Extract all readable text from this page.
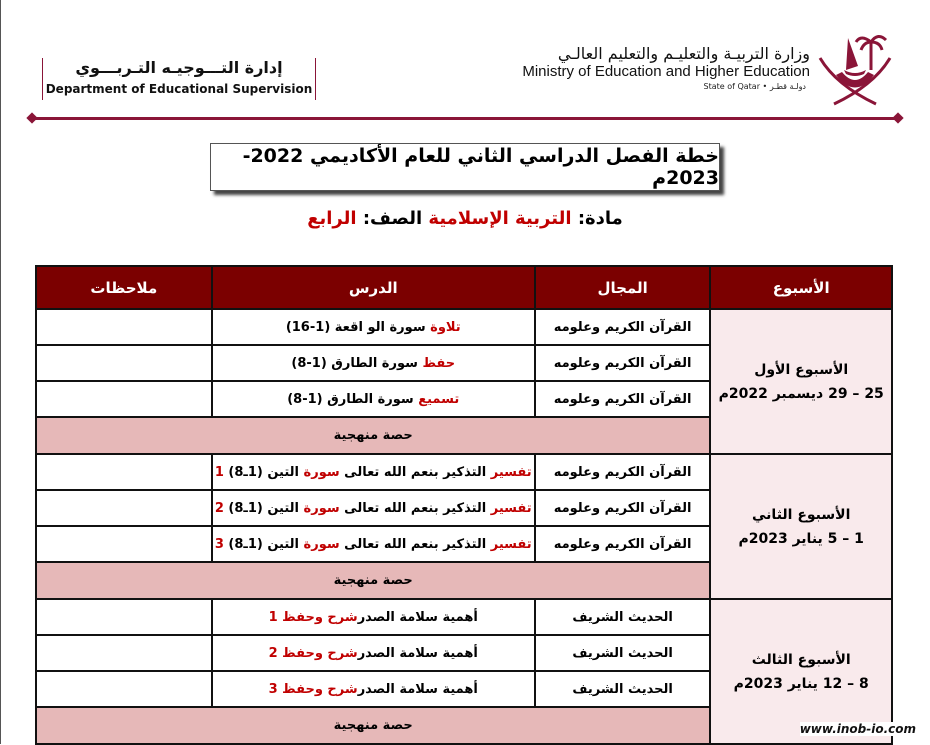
إدارة التـــوجيـه التـربـــوي
Department of Educational Supervision
وزارة التربيـة والتعليـم والتعليم العالـي
Ministry of Education and Higher Education
State of Qatar • دولـة قطـر
خطة الفصل الدراسي الثاني للعام الأكاديمي 2022-2023م
مادة: التربية الإسلامية الصف: الرابع
الأسبوع	المجال	الدرس	ملاحظات

الأسبوع الأول
25 – 29 ديسمبر 2022م	القرآن الكريم وعلومه	تلاوة سورة الو اقعة (1-16)	
	القرآن الكريم وعلومه	حفظ سورة الطارق (1-8)	
	القرآن الكريم وعلومه	تسميع سورة الطارق (1-8)	
	حصة منهجية		

الأسبوع الثاني
1 – 5 يناير 2023م	القرآن الكريم وعلومه	تفسير التذكير بنعم الله تعالى سورة التين (1ـ8) 1	
	القرآن الكريم وعلومه	تفسير التذكير بنعم الله تعالى سورة التين (1ـ8) 2	
	القرآن الكريم وعلومه	تفسير التذكير بنعم الله تعالى سورة التين (1ـ8) 3	
	حصة منهجية		

الأسبوع الثالث
8 – 12 يناير 2023م	الحديث الشريف	أهمية سلامة الصدرشرح وحفظ 1	
	الحديث الشريف	أهمية سلامة الصدرشرح وحفظ 2	
	الحديث الشريف	أهمية سلامة الصدرشرح وحفظ 3	
	حصة منهجية			www.inob-io.com
